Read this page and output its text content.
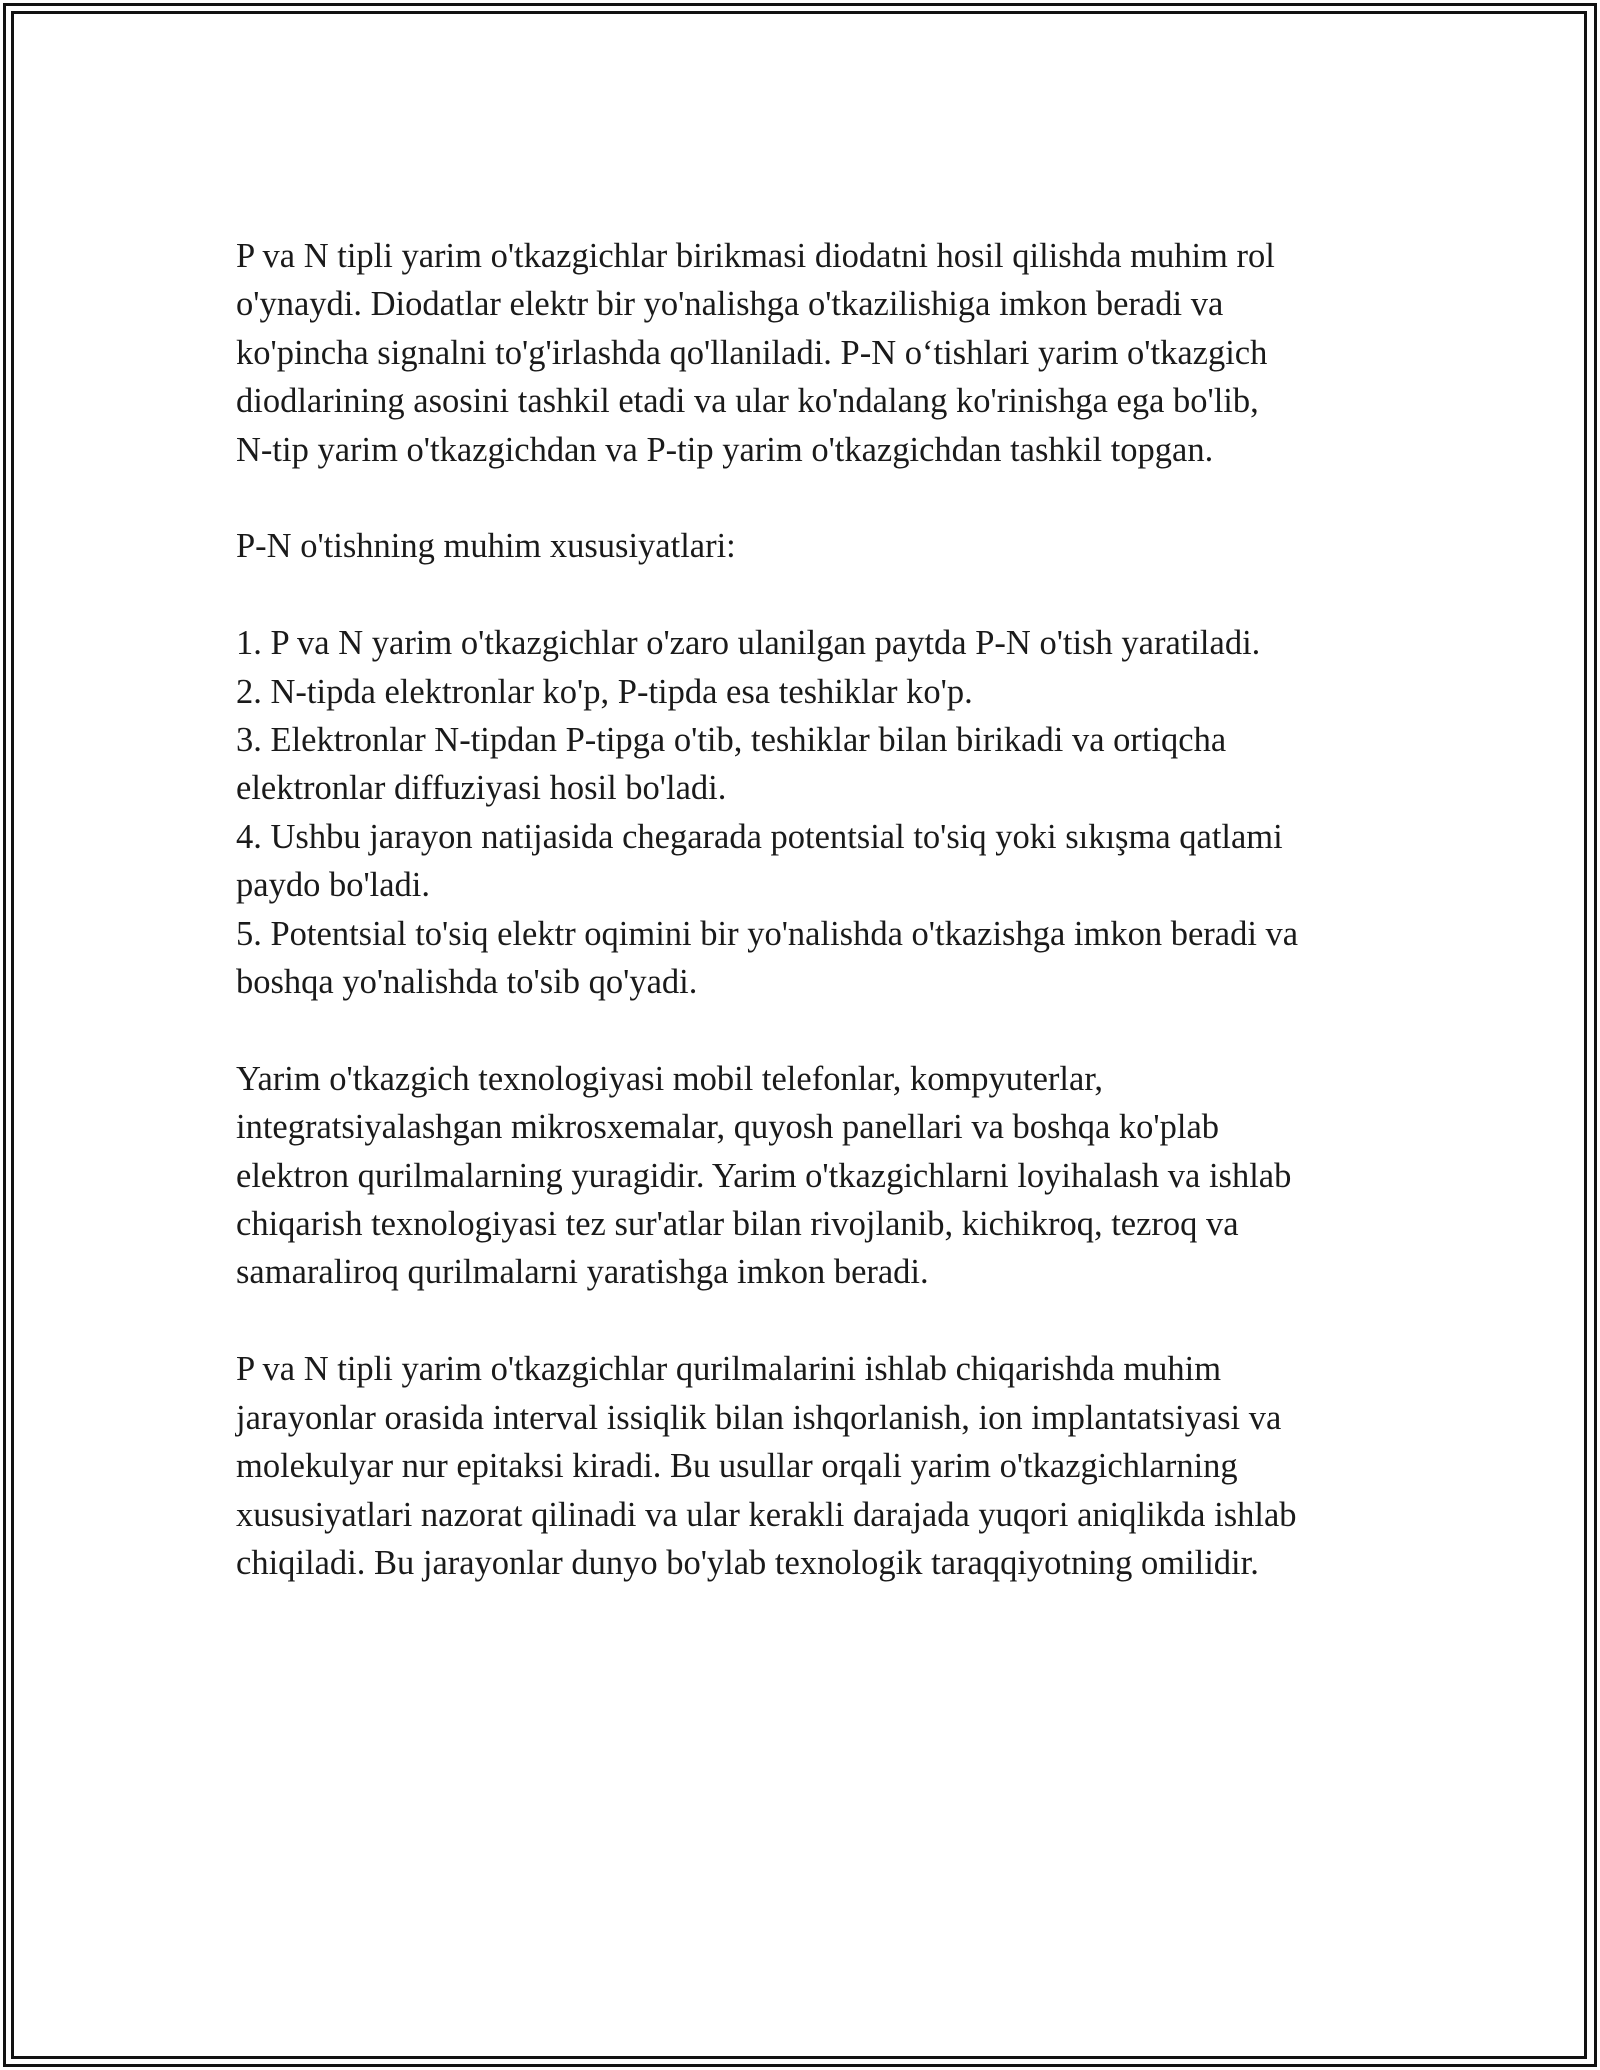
P va N tipli yarim o'tkazgichlar birikmasi diodatni hosil qilishda muhim rol

o'ynaydi. Diodatlar elektr bir yo'nalishga o'tkazilishiga imkon beradi va

ko'pincha signalni to'g'irlashda qo'llaniladi. P-N o‘tishlari yarim o'tkazgich

diodlarining asosini tashkil etadi va ular ko'ndalang ko'rinishga ega bo'lib,

N-tip yarim o'tkazgichdan va P-tip yarim o'tkazgichdan tashkil topgan.

P-N o'tishning muhim xususiyatlari:

1. P va N yarim o'tkazgichlar o'zaro ulanilgan paytda P-N o'tish yaratiladi.

2. N-tipda elektronlar ko'p, P-tipda esa teshiklar ko'p.

3. Elektronlar N-tipdan P-tipga o'tib, teshiklar bilan birikadi va ortiqcha

elektronlar diffuziyasi hosil bo'ladi.

4. Ushbu jarayon natijasida chegarada potentsial to'siq yoki sıkışma qatlami

paydo bo'ladi.

5. Potentsial to'siq elektr oqimini bir yo'nalishda o'tkazishga imkon beradi va

boshqa yo'nalishda to'sib qo'yadi.

Yarim o'tkazgich texnologiyasi mobil telefonlar, kompyuterlar,

integratsiyalashgan mikrosxemalar, quyosh panellari va boshqa ko'plab

elektron qurilmalarning yuragidir. Yarim o'tkazgichlarni loyihalash va ishlab

chiqarish texnologiyasi tez sur'atlar bilan rivojlanib, kichikroq, tezroq va

samaraliroq qurilmalarni yaratishga imkon beradi.

P va N tipli yarim o'tkazgichlar qurilmalarini ishlab chiqarishda muhim

jarayonlar orasida interval issiqlik bilan ishqorlanish, ion implantatsiyasi va

molekulyar nur epitaksi kiradi. Bu usullar orqali yarim o'tkazgichlarning

xususiyatlari nazorat qilinadi va ular kerakli darajada yuqori aniqlikda ishlab

chiqiladi. Bu jarayonlar dunyo bo'ylab texnologik taraqqiyotning omilidir.
